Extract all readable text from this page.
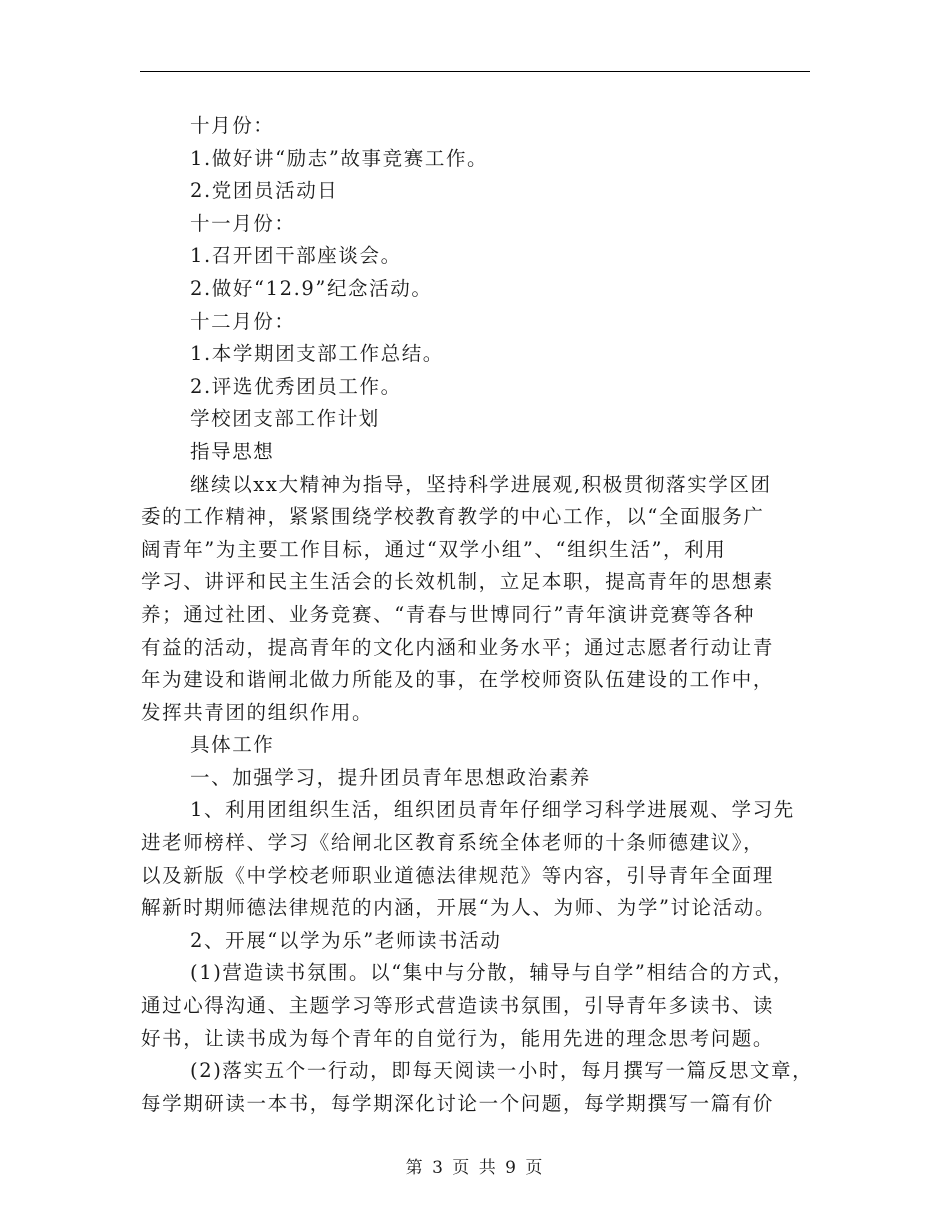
十月份：
1.做好讲“励志”故事竞赛工作。
2.党团员活动日
十一月份：
1.召开团干部座谈会。
2.做好“12.9”纪念活动。
十二月份：
1.本学期团支部工作总结。
2.评选优秀团员工作。
学校团支部工作计划
指导思想
继续以xx大精神为指导，坚持科学进展观,积极贯彻落实学区团
委的工作精神，紧紧围绕学校教育教学的中心工作，以“全面服务广
阔青年”为主要工作目标，通过“双学小组”、“组织生活”，利用
学习、讲评和民主生活会的长效机制，立足本职，提高青年的思想素
养；通过社团、业务竞赛、“青春与世博同行”青年演讲竞赛等各种
有益的活动，提高青年的文化内涵和业务水平；通过志愿者行动让青
年为建设和谐闸北做力所能及的事，在学校师资队伍建设的工作中，
发挥共青团的组织作用。
具体工作
一、加强学习，提升团员青年思想政治素养
1、利用团组织生活，组织团员青年仔细学习科学进展观、学习先
进老师榜样、学习《给闸北区教育系统全体老师的十条师德建议》，
以及新版《中学校老师职业道德法律规范》等内容，引导青年全面理
解新时期师德法律规范的内涵，开展“为人、为师、为学”讨论活动。
2、开展“以学为乐”老师读书活动
(1)营造读书氛围。以“集中与分散，辅导与自学”相结合的方式，
通过心得沟通、主题学习等形式营造读书氛围，引导青年多读书、读
好书，让读书成为每个青年的自觉行为，能用先进的理念思考问题。
(2)落实五个一行动，即每天阅读一小时，每月撰写一篇反思文章，
每学期研读一本书，每学期深化讨论一个问题，每学期撰写一篇有价
第 3 页 共 9 页
